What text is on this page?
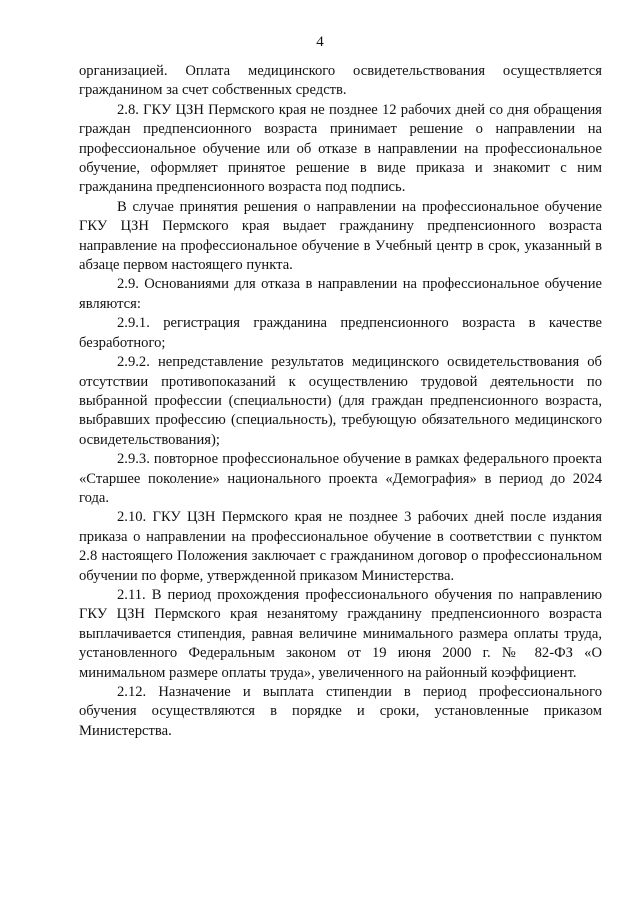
4

организацией. Оплата медицинского освидетельствования осуществляется гражданином за счет собственных средств.

2.8. ГКУ ЦЗН Пермского края не позднее 12 рабочих дней со дня обращения граждан предпенсионного возраста принимает решение о направлении на профессиональное обучение или об отказе в направлении на профессиональное обучение, оформляет принятое решение в виде приказа и знакомит с ним гражданина предпенсионного возраста под подпись.

В случае принятия решения о направлении на профессиональное обучение ГКУ ЦЗН Пермского края выдает гражданину предпенсионного возраста направление на профессиональное обучение в Учебный центр в срок, указанный в абзаце первом настоящего пункта.

2.9. Основаниями для отказа в направлении на профессиональное обучение являются:

2.9.1. регистрация гражданина предпенсионного возраста в качестве безработного;

2.9.2. непредставление результатов медицинского освидетельствования об отсутствии противопоказаний к осуществлению трудовой деятельности по выбранной профессии (специальности) (для граждан предпенсионного возраста, выбравших профессию (специальность), требующую обязательного медицинского освидетельствования);

2.9.3. повторное профессиональное обучение в рамках федерального проекта «Старшее поколение» национального проекта «Демография» в период до 2024 года.

2.10. ГКУ ЦЗН Пермского края не позднее 3 рабочих дней после издания приказа о направлении на профессиональное обучение в соответствии с пунктом 2.8 настоящего Положения заключает с гражданином договор о профессиональном обучении по форме, утвержденной приказом Министерства.

2.11. В период прохождения профессионального обучения по направлению ГКУ ЦЗН Пермского края незанятому гражданину предпенсионного возраста выплачивается стипендия, равная величине минимального размера оплаты труда, установленного Федеральным законом от 19 июня 2000 г. № 82-ФЗ «О минимальном размере оплаты труда», увеличенного на районный коэффициент.

2.12. Назначение и выплата стипендии в период профессионального обучения осуществляются в порядке и сроки, установленные приказом Министерства.
